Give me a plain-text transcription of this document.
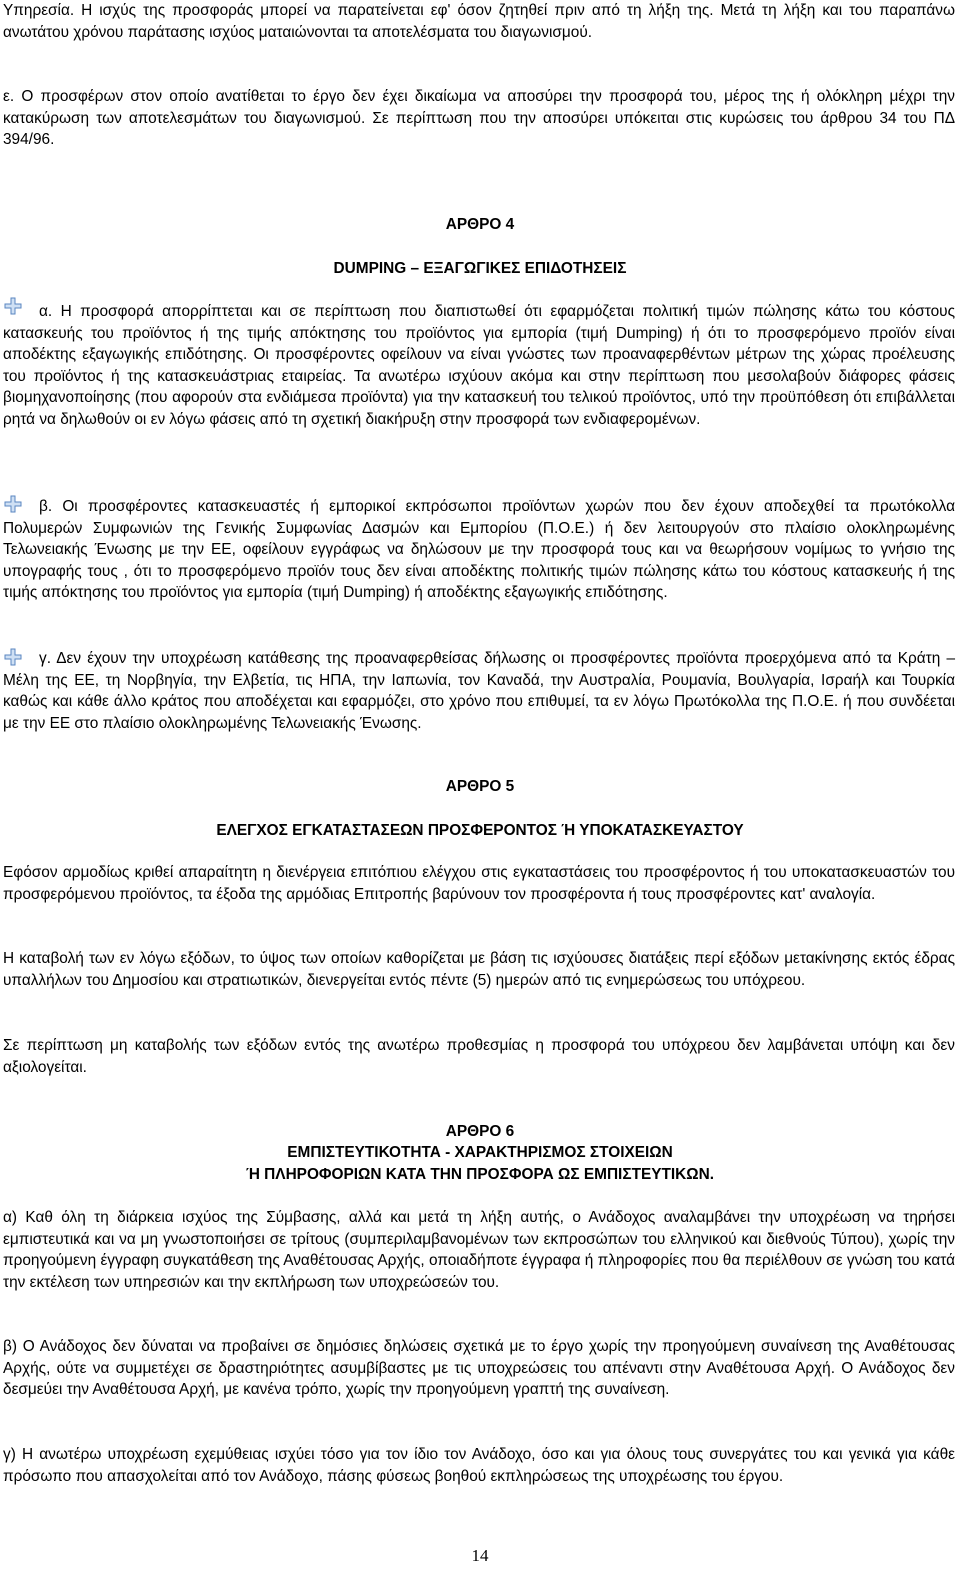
Υπηρεσία. Η ισχύς της προσφοράς μπορεί να παρατείνεται εφ' όσον ζητηθεί πριν από τη λήξη της. Μετά τη λήξη και του παραπάνω ανωτάτου χρόνου παράτασης ισχύος ματαιώνονται τα αποτελέσματα του διαγωνισμού.

ε. Ο προσφέρων στον οποίο ανατίθεται το έργο δεν έχει δικαίωμα να αποσύρει την προσφορά του, μέρος της ή ολόκληρη μέχρι την κατακύρωση των αποτελεσμάτων του διαγωνισμού. Σε περίπτωση που την αποσύρει υπόκειται στις κυρώσεις του άρθρου 34 του ΠΔ 394/96.

ΑΡΘΡΟ 4
DUMPING – ΕΞΑΓΩΓΙΚΕΣ ΕΠΙΔΟΤΗΣΕΙΣ

α. Η προσφορά απορρίπτεται και σε περίπτωση που διαπιστωθεί ότι εφαρμόζεται πολιτική τιμών πώλησης κάτω του κόστους κατασκευής του προϊόντος ή της τιμής απόκτησης του προϊόντος για εμπορία (τιμή Dumping) ή ότι το προσφερόμενο προϊόν είναι αποδέκτης εξαγωγικής επιδότησης. Οι προσφέροντες οφείλουν να είναι γνώστες των προαναφερθέντων μέτρων της χώρας προέλευσης του προϊόντος ή της κατασκευάστριας εταιρείας. Τα ανωτέρω ισχύουν ακόμα και στην περίπτωση που μεσολαβούν διάφορες φάσεις βιομηχανοποίησης (που αφορούν στα ενδιάμεσα προϊόντα) για την κατασκευή του τελικού προϊόντος, υπό την προϋπόθεση ότι επιβάλλεται ρητά να δηλωθούν οι εν λόγω φάσεις από τη σχετική διακήρυξη στην προσφορά των ενδιαφερομένων.

β. Οι προσφέροντες κατασκευαστές ή εμπορικοί εκπρόσωποι προϊόντων χωρών που δεν έχουν αποδεχθεί τα πρωτόκολλα Πολυμερών Συμφωνιών της Γενικής Συμφωνίας Δασμών και Εμπορίου (Π.Ο.Ε.) ή δεν λειτουργούν στο πλαίσιο ολοκληρωμένης Τελωνειακής Ένωσης με την ΕΕ, οφείλουν εγγράφως να δηλώσουν με την προσφορά τους και να θεωρήσουν νομίμως το γνήσιο της υπογραφής τους , ότι το προσφερόμενο προϊόν τους δεν είναι αποδέκτης πολιτικής τιμών πώλησης κάτω του κόστους κατασκευής ή της τιμής απόκτησης του προϊόντος για εμπορία (τιμή Dumping) ή αποδέκτης εξαγωγικής επιδότησης.

γ. Δεν έχουν την υποχρέωση κατάθεσης της προαναφερθείσας δήλωσης οι προσφέροντες προϊόντα προερχόμενα από τα Κράτη – Μέλη της ΕΕ, τη Νορβηγία, την Ελβετία, τις ΗΠΑ, την Ιαπωνία, τον Καναδά, την Αυστραλία, Ρουμανία, Βουλγαρία, Ισραήλ και Τουρκία καθώς και κάθε άλλο κράτος που αποδέχεται και εφαρμόζει, στο χρόνο που επιθυμεί, τα εν λόγω Πρωτόκολλα της Π.Ο.Ε. ή που συνδέεται με την ΕΕ στο πλαίσιο ολοκληρωμένης Τελωνειακής Ένωσης.

ΑΡΘΡΟ 5
ΕΛΕΓΧΟΣ ΕΓΚΑΤΑΣΤΑΣΕΩΝ ΠΡΟΣΦΕΡΟΝΤΟΣ Ή ΥΠΟΚΑΤΑΣΚΕΥΑΣΤΟΥ

Εφόσον αρμοδίως κριθεί απαραίτητη η διενέργεια επιτόπιου ελέγχου στις εγκαταστάσεις του προσφέροντος ή του υποκατασκευαστών του προσφερόμενου προϊόντος, τα έξοδα της αρμόδιας Επιτροπής βαρύνουν τον προσφέροντα ή τους προσφέροντες κατ' αναλογία.

Η καταβολή των εν λόγω εξόδων, το ύψος των οποίων καθορίζεται με βάση τις ισχύουσες διατάξεις περί εξόδων μετακίνησης εκτός έδρας υπαλλήλων του Δημοσίου και στρατιωτικών, διενεργείται εντός πέντε (5) ημερών από τις ενημερώσεως του υπόχρεου.

Σε περίπτωση μη καταβολής των εξόδων εντός της ανωτέρω προθεσμίας η προσφορά του υπόχρεου δεν λαμβάνεται υπόψη και δεν αξιολογείται.

ΑΡΘΡΟ 6
ΕΜΠΙΣΤΕΥΤΙΚΟΤΗΤΑ - ΧΑΡΑΚΤΗΡΙΣΜΟΣ ΣΤΟΙΧΕΙΩΝ
Ή ΠΛΗΡΟΦΟΡΙΩΝ ΚΑΤΑ ΤΗΝ ΠΡΟΣΦΟΡΑ ΩΣ ΕΜΠΙΣΤΕΥΤΙΚΩΝ.

α) Καθ όλη τη διάρκεια ισχύος της Σύμβασης, αλλά και μετά τη λήξη αυτής, ο Ανάδοχος αναλαμβάνει την υποχρέωση να τηρήσει εμπιστευτικά και να μη γνωστοποιήσει σε τρίτους (συμπεριλαμβανομένων των εκπροσώπων του ελληνικού και διεθνούς Τύπου), χωρίς την προηγούμενη έγγραφη συγκατάθεση της Αναθέτουσας Αρχής, οποιαδήποτε έγγραφα ή πληροφορίες που θα περιέλθουν σε γνώση του κατά την εκτέλεση των υπηρεσιών και την εκπλήρωση των υποχρεώσεών του.

β) Ο Ανάδοχος δεν δύναται να προβαίνει σε δημόσιες δηλώσεις σχετικά με το έργο χωρίς την προηγούμενη συναίνεση της Αναθέτουσας Αρχής, ούτε να συμμετέχει σε δραστηριότητες ασυμβίβαστες με τις υποχρεώσεις του απέναντι στην Αναθέτουσα Αρχή. Ο Ανάδοχος δεν δεσμεύει την Αναθέτουσα Αρχή, με κανένα τρόπο, χωρίς την προηγούμενη γραπτή της συναίνεση.

γ) Η ανωτέρω υποχρέωση εχεμύθειας ισχύει τόσο για τον ίδιο τον Ανάδοχο, όσο και για όλους τους συνεργάτες του και γενικά για κάθε πρόσωπο που απασχολείται από τον Ανάδοχο, πάσης φύσεως βοηθού εκπληρώσεως της υποχρέωσης του έργου.

14
